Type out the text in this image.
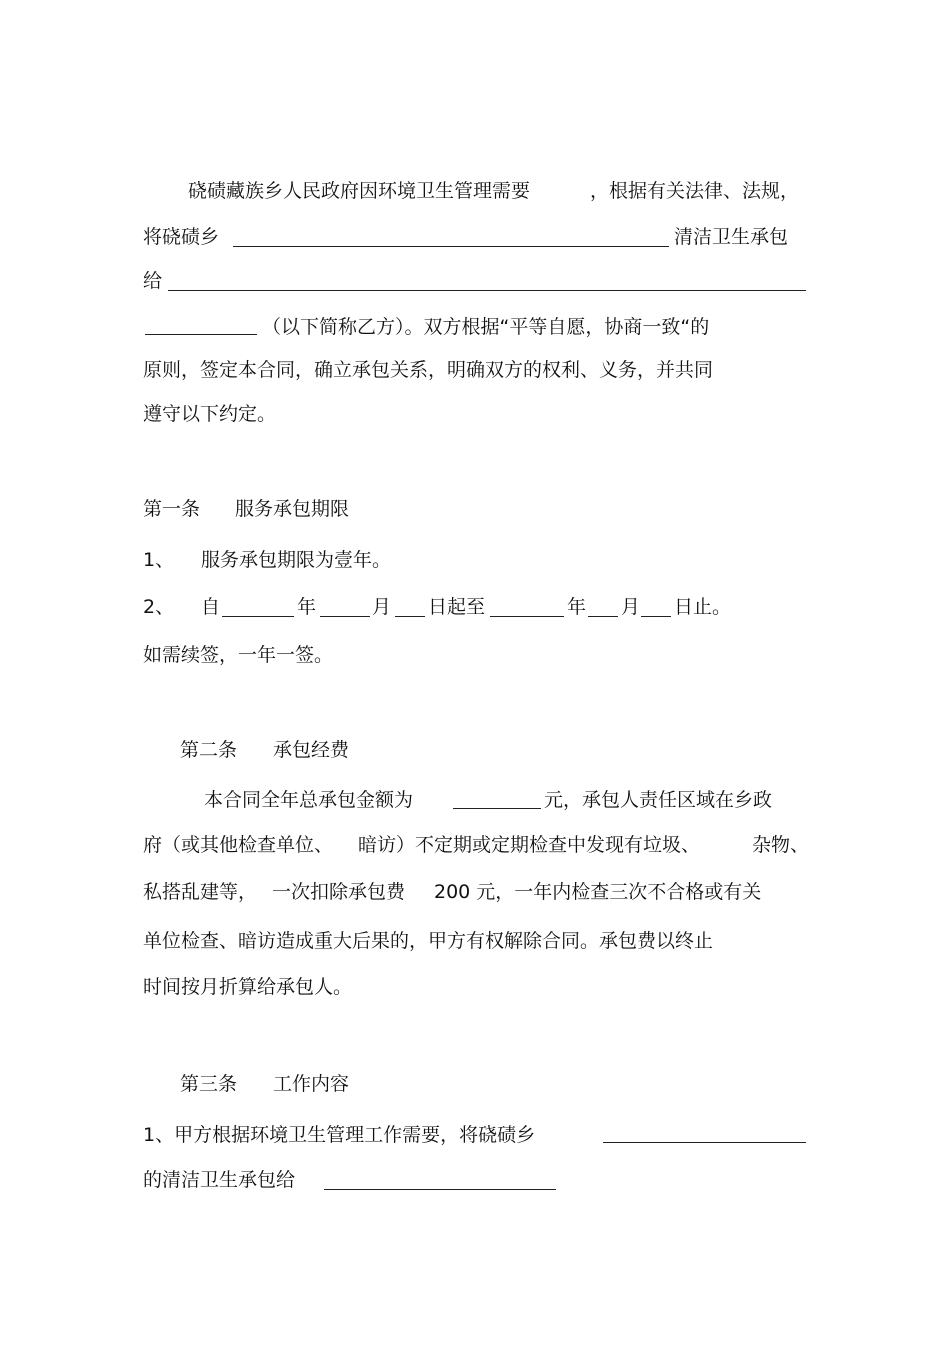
硗碛藏族乡人民政府因环境卫生管理需要	，根据有关法律、法规，
将硗碛乡	清洁卫生承包
给
（以下简称乙方）。双方根据“平等自愿，协商一致“的
原则，签定本合同，确立承包关系，明确双方的权利、义务，并共同
遵守以下约定。
第一条 服务承包期限
1、 服务承包期限为壹年。
2、 自	年	月 日起至	年 月 日止。
如需续签，一年一签。
第二条 承包经费
本合同全年总承包金额为	元，承包人责任区域在乡政
府（或其他检查单位、 暗访）不定期或定期检查中发现有垃圾、	杂物、
私搭乱建等， 一次扣除承包费 200 元，一年内检查三次不合格或有关
单位检查、暗访造成重大后果的，甲方有权解除合同。承包费以终止
时间按月折算给承包人。
第三条 工作内容
1、甲方根据环境卫生管理工作需要，将硗碛乡
的清洁卫生承包给
